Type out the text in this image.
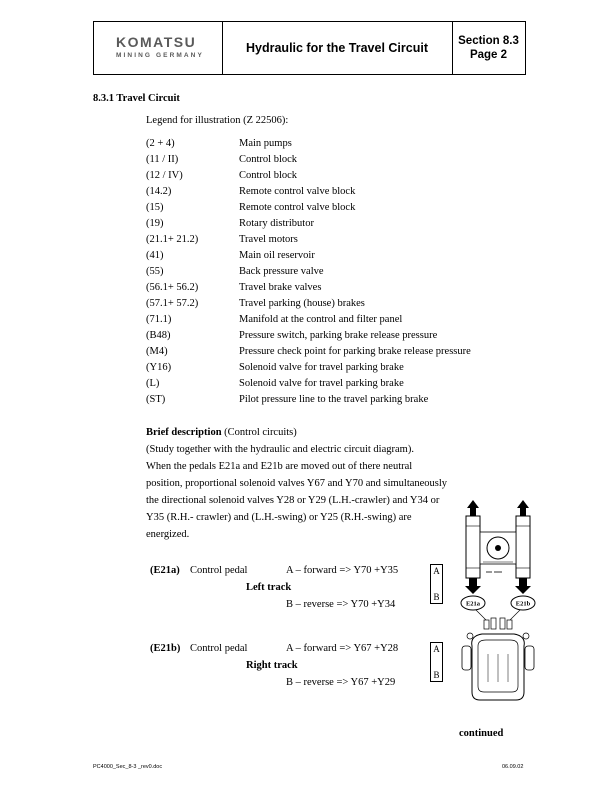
KOMATSU
MINING GERMANY
Hydraulic for the Travel Circuit	Section 8.3
Page 2
8.3.1 Travel Circuit
Legend for illustration (Z 22506):
(2 + 4)	Main pumps
(11 / II)	Control block
(12 / IV)	Control block
(14.2)	Remote control valve block
(15)	Remote control valve block
(19)	Rotary distributor
(21.1+ 21.2)	Travel motors
(41)	Main oil reservoir
(55)	Back pressure valve
(56.1+ 56.2)	Travel brake valves
(57.1+ 57.2)	Travel parking (house) brakes
(71.1)	Manifold at the control and filter panel
(B48)	Pressure switch, parking brake release pressure
(M4)	Pressure check point for parking brake release pressure
(Y16)	Solenoid valve for travel parking brake
(L)	Solenoid valve for travel parking brake
(ST)	Pilot pressure line to the travel parking brake
Brief description (Control circuits)
(Study together with the hydraulic and electric circuit diagram).
When the pedals E21a and E21b are moved out of there neutral
position, proportional solenoid valves Y67 and Y70 and simultaneously
the directional solenoid valves Y28 or Y29 (L.H.-crawler) and Y34 or
Y35 (R.H.- crawler) and (L.H.-swing) or Y25 (R.H.-swing) are
energized.
(E21a) Control pedal	A – forward => Y70 +Y35
Left track
B – reverse => Y70 +Y34
A
B
(E21b) Control pedal	A – forward => Y67 +Y28
Right track
B – reverse => Y67 +Y29
A
B
E21a	E21b
continued
PC4000_Sec_8-3 _rev0.doc	06.09.02
